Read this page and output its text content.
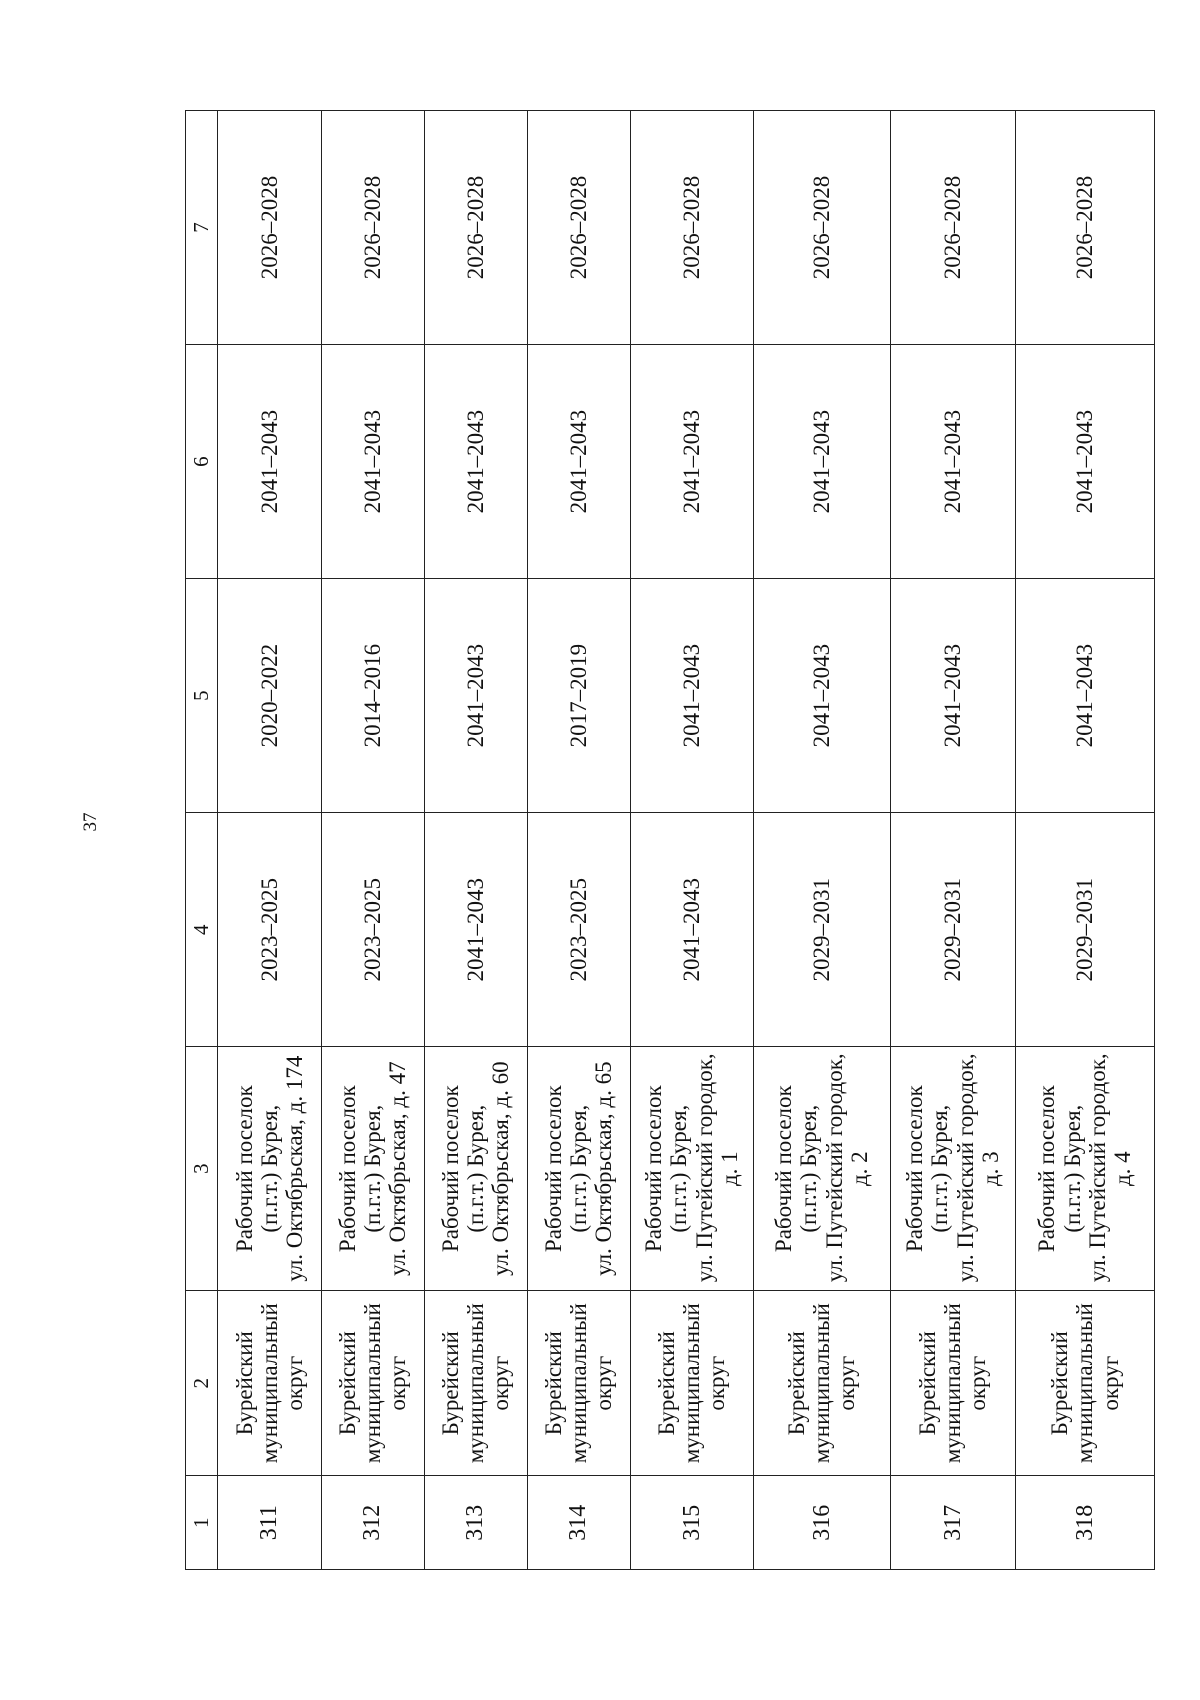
37
1	2	3	4	5	6	7
311	Бурейский муниципальный округ	Рабочий поселок (п.г.т.) Бурея, ул. Октябрьская, д. 174	2023–2025	2020–2022	2041–2043	2026–2028
312	Бурейский муниципальный округ	Рабочий поселок (п.г.т.) Бурея, ул. Октябрьская, д. 47	2023–2025	2014–2016	2041–2043	2026–2028
313	Бурейский муниципальный округ	Рабочий поселок (п.г.т.) Бурея, ул. Октябрьская, д. 60	2041–2043	2041–2043	2041–2043	2026–2028
314	Бурейский муниципальный округ	Рабочий поселок (п.г.т.) Бурея, ул. Октябрьская, д. 65	2023–2025	2017–2019	2041–2043	2026–2028
315	Бурейский муниципальный округ	Рабочий поселок (п.г.т.) Бурея, ул. Путейский городок, д. 1	2041–2043	2041–2043	2041–2043	2026–2028
316	Бурейский муниципальный округ	Рабочий поселок (п.г.т.) Бурея, ул. Путейский городок, д. 2	2029–2031	2041–2043	2041–2043	2026–2028
317	Бурейский муниципальный округ	Рабочий поселок (п.г.т.) Бурея, ул. Путейский городок, д. 3	2029–2031	2041–2043	2041–2043	2026–2028
318	Бурейский муниципальный округ	Рабочий поселок (п.г.т.) Бурея, ул. Путейский городок, д. 4	2029–2031	2041–2043	2041–2043	2026–2028
